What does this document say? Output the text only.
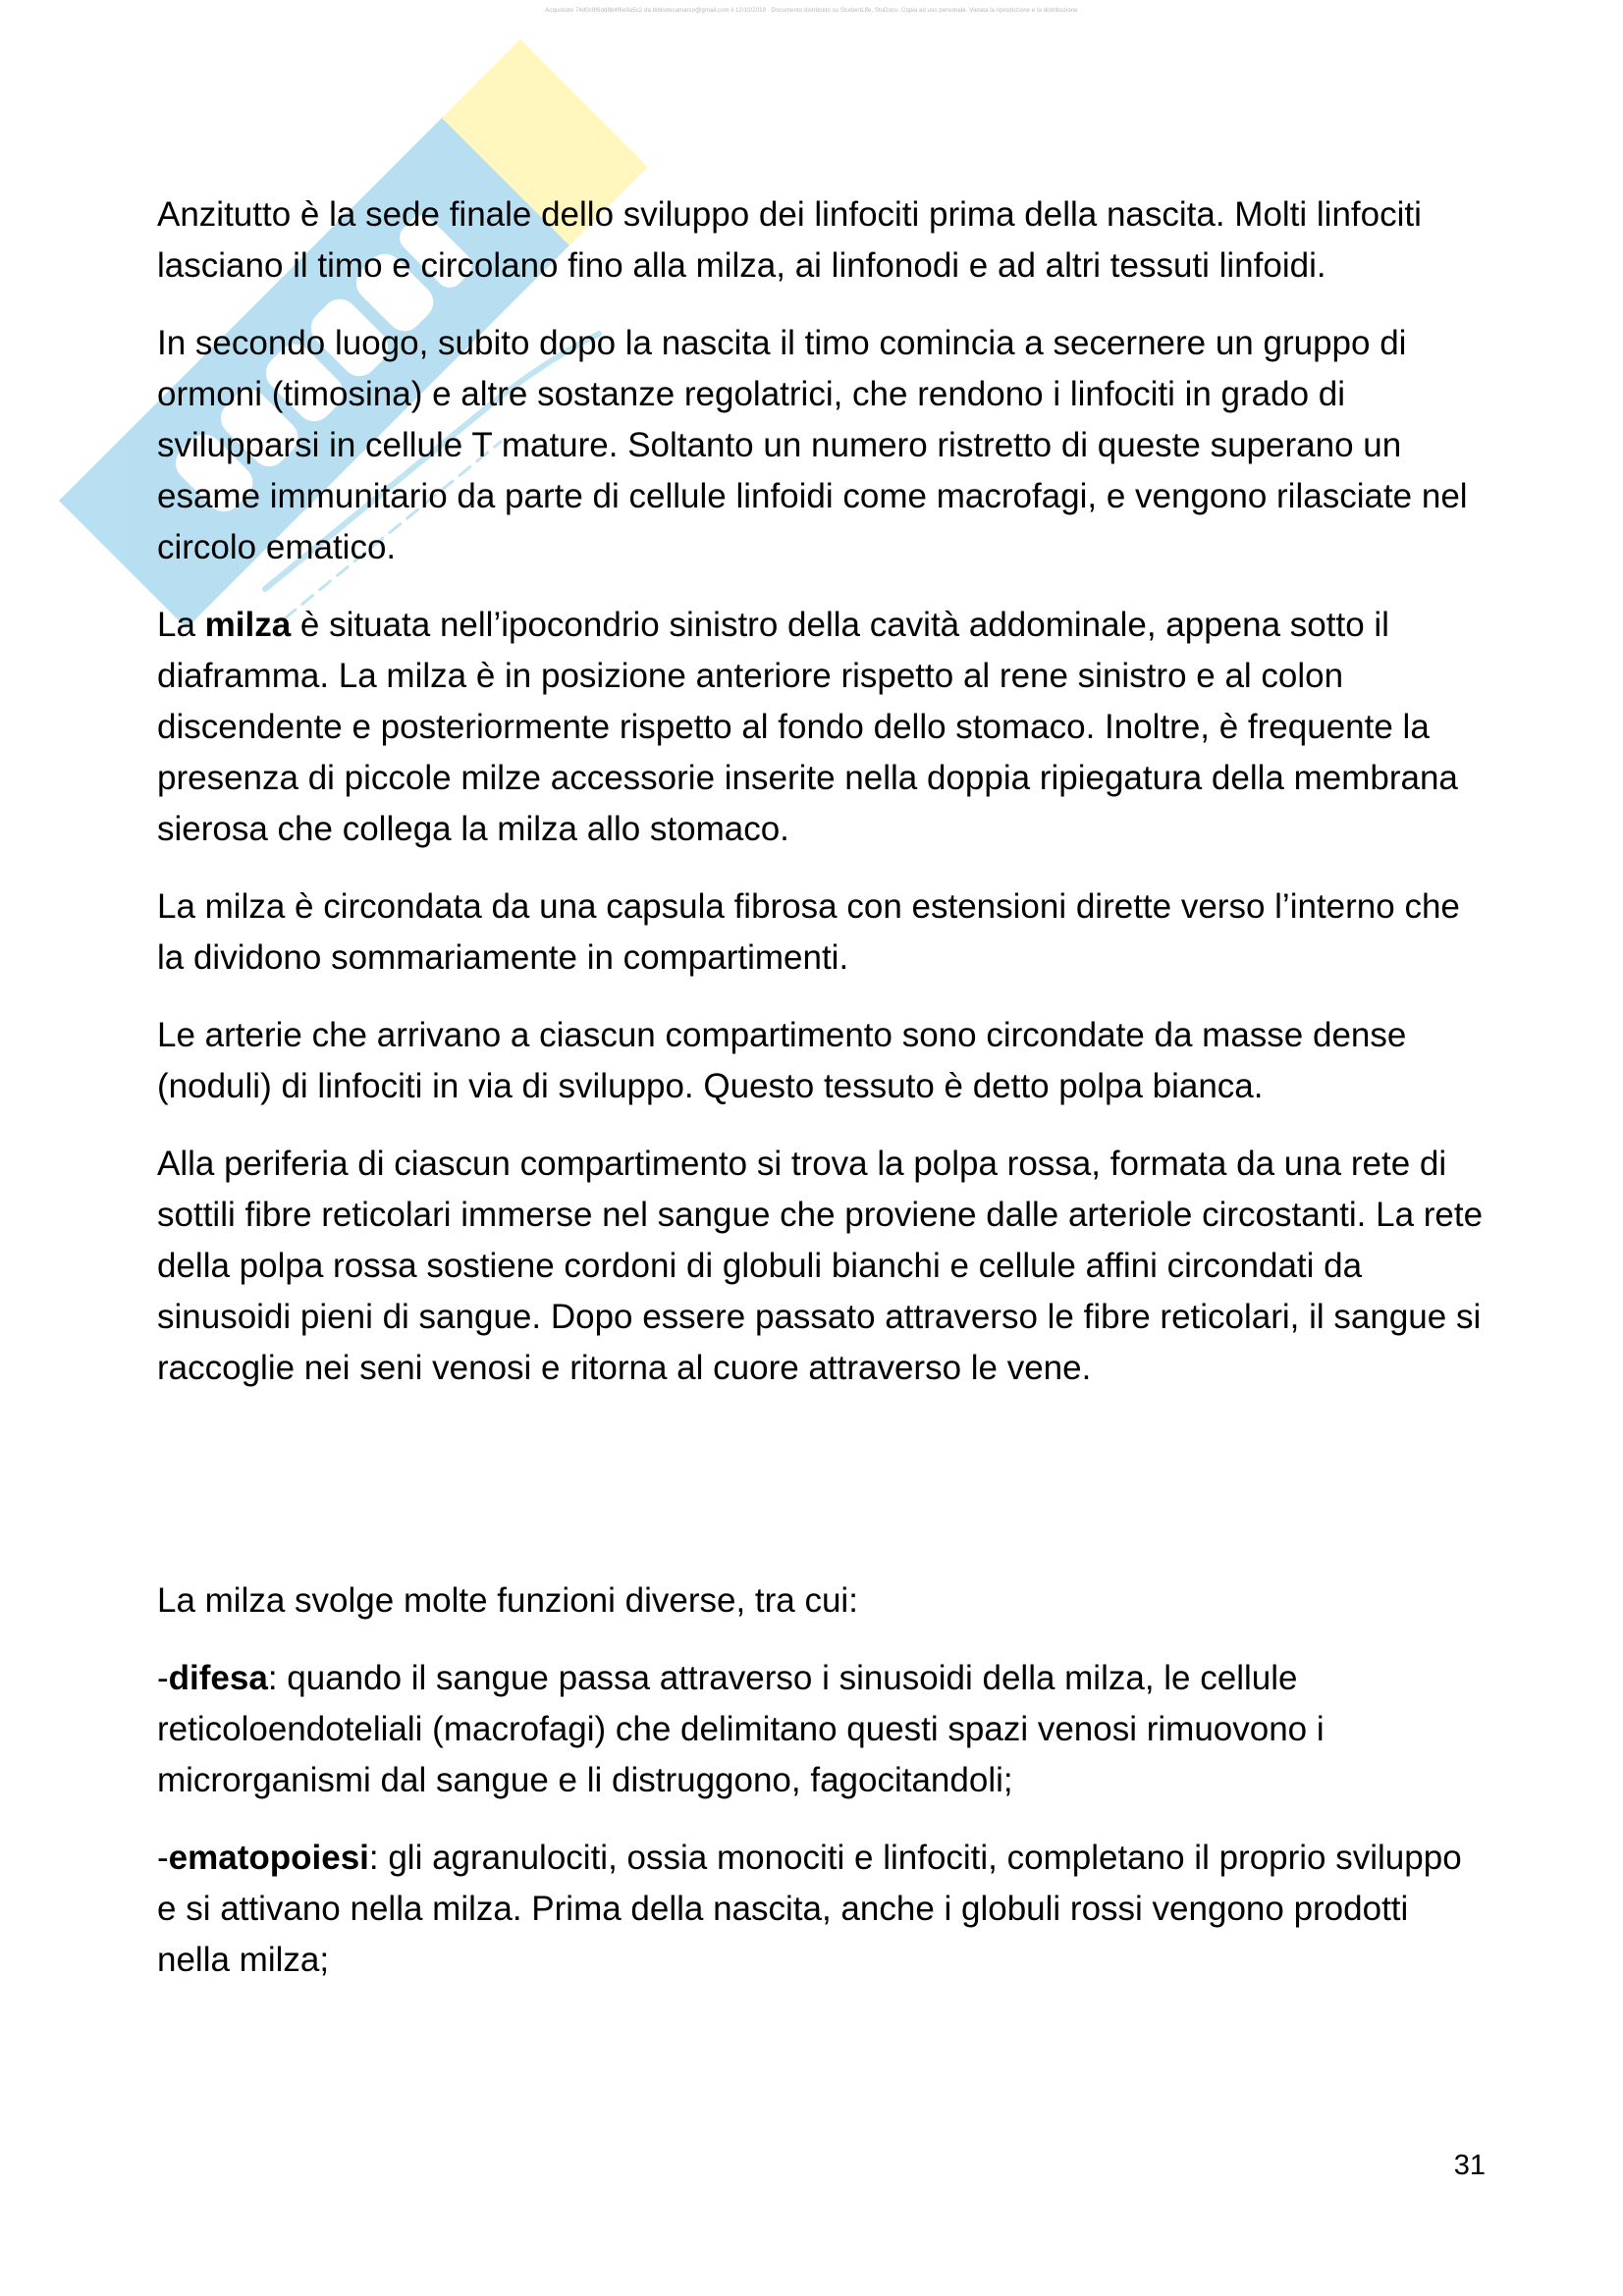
Acquistato 74d0c9f6dd8b4f6e9a5c2 da bibliotecamarco@gmail.com il 12/10/2019 · Documento distribuito su StudentLife, StuDocu. Copia ad uso personale. Vietata la riproduzione e la distribuzione

Anzitutto è la sede finale dello sviluppo dei linfociti prima della nascita. Molti linfociti lasciano il timo e circolano fino alla milza, ai linfonodi e ad altri tessuti linfoidi.

In secondo luogo, subito dopo la nascita il timo comincia a secernere un gruppo di ormoni (timosina) e altre sostanze regolatrici, che rendono i linfociti in grado di svilupparsi in cellule T mature. Soltanto un numero ristretto di queste superano un esame immunitario da parte di cellule linfoidi come macrofagi, e vengono rilasciate nel circolo ematico.

La milza è situata nell’ipocondrio sinistro della cavità addominale, appena sotto il diaframma. La milza è in posizione anteriore rispetto al rene sinistro e al colon discendente e posteriormente rispetto al fondo dello stomaco. Inoltre, è frequente la presenza di piccole milze accessorie inserite nella doppia ripiegatura della membrana sierosa che collega la milza allo stomaco.

La milza è circondata da una capsula fibrosa con estensioni dirette verso l’interno che la dividono sommariamente in compartimenti.

Le arterie che arrivano a ciascun compartimento sono circondate da masse dense (noduli) di linfociti in via di sviluppo. Questo tessuto è detto polpa bianca.

Alla periferia di ciascun compartimento si trova la polpa rossa, formata da una rete di sottili fibre reticolari immerse nel sangue che proviene dalle arteriole circostanti. La rete della polpa rossa sostiene cordoni di globuli bianchi e cellule affini circondati da sinusoidi pieni di sangue. Dopo essere passato attraverso le fibre reticolari, il sangue si raccoglie nei seni venosi e ritorna al cuore attraverso le vene.

La milza svolge molte funzioni diverse, tra cui:

-difesa: quando il sangue passa attraverso i sinusoidi della milza, le cellule reticoloendoteliali (macrofagi) che delimitano questi spazi venosi rimuovono i microrganismi dal sangue e li distruggono, fagocitandoli;

-ematopoiesi: gli agranulociti, ossia monociti e linfociti, completano il proprio sviluppo e si attivano nella milza. Prima della nascita, anche i globuli rossi vengono prodotti nella milza;

31
